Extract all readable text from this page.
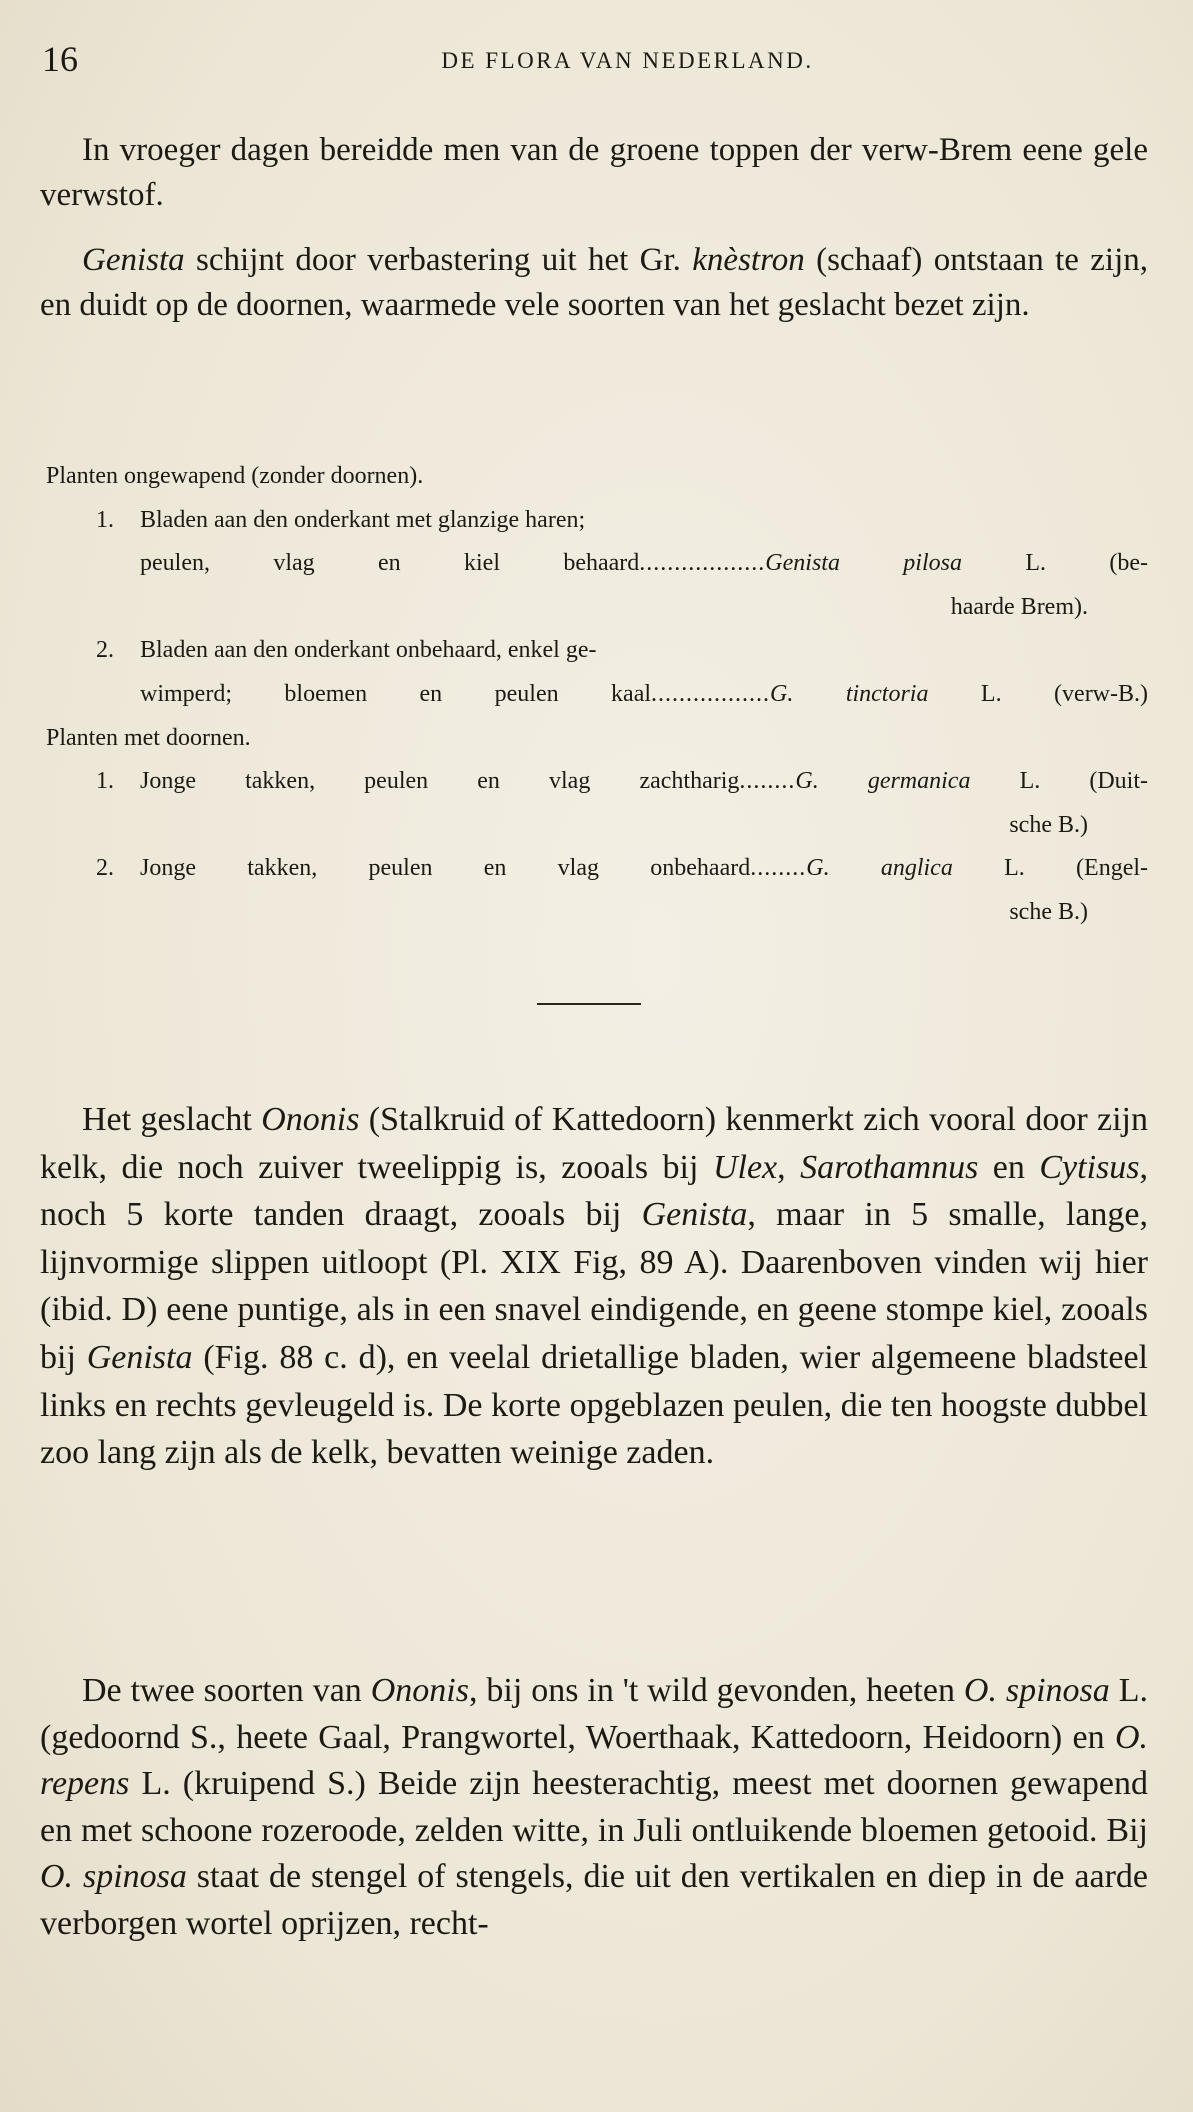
16	DE FLORA VAN NEDERLAND.

In vroeger dagen bereidde men van de groene toppen der verw-Brem eene gele verwstof.

Genista schijnt door verbastering uit het Gr. knèstron (schaaf) ontstaan te zijn, en duidt op de doornen, waarmede vele soorten van het geslacht bezet zijn.

Planten ongewapend (zonder doornen).
1. Bladen aan den onderkant met glanzige haren;
peulen, vlag en kiel behaard..................Genista pilosa L. (be-
haarde Brem).
2. Bladen aan den onderkant onbehaard, enkel ge-
wimperd; bloemen en peulen kaal.................G. tinctoria L. (verw-B.)
Planten met doornen.
1. Jonge takken, peulen en vlag zachtharig........G. germanica L. (Duit-
sche B.)
2. Jonge takken, peulen en vlag onbehaard........G. anglica L. (Engel-
sche B.)

Het geslacht Ononis (Stalkruid of Kattedoorn) kenmerkt zich vooral door zijn kelk, die noch zuiver tweelippig is, zooals bij Ulex, Sarothamnus en Cytisus, noch 5 korte tanden draagt, zooals bij Genista, maar in 5 smalle, lange, lijnvormige slippen uitloopt (Pl. XIX Fig, 89 A). Daarenboven vinden wij hier (ibid. D) eene puntige, als in een snavel eindigende, en geene stompe kiel, zooals bij Genista (Fig. 88 c. d), en veelal drietallige bladen, wier algemeene bladsteel links en rechts gevleugeld is. De korte opgeblazen peulen, die ten hoogste dubbel zoo lang zijn als de kelk, bevatten weinige zaden.

De twee soorten van Ononis, bij ons in 't wild gevonden, heeten O. spinosa L. (gedoornd S., heete Gaal, Prangwortel, Woerthaak, Kattedoorn, Heidoorn) en O. repens L. (kruipend S.) Beide zijn heesterachtig, meest met doornen gewapend en met schoone rozeroode, zelden witte, in Juli ontluikende bloemen getooid. Bij O. spinosa staat de stengel of stengels, die uit den vertikalen en diep in de aarde verborgen wortel oprijzen, recht-
